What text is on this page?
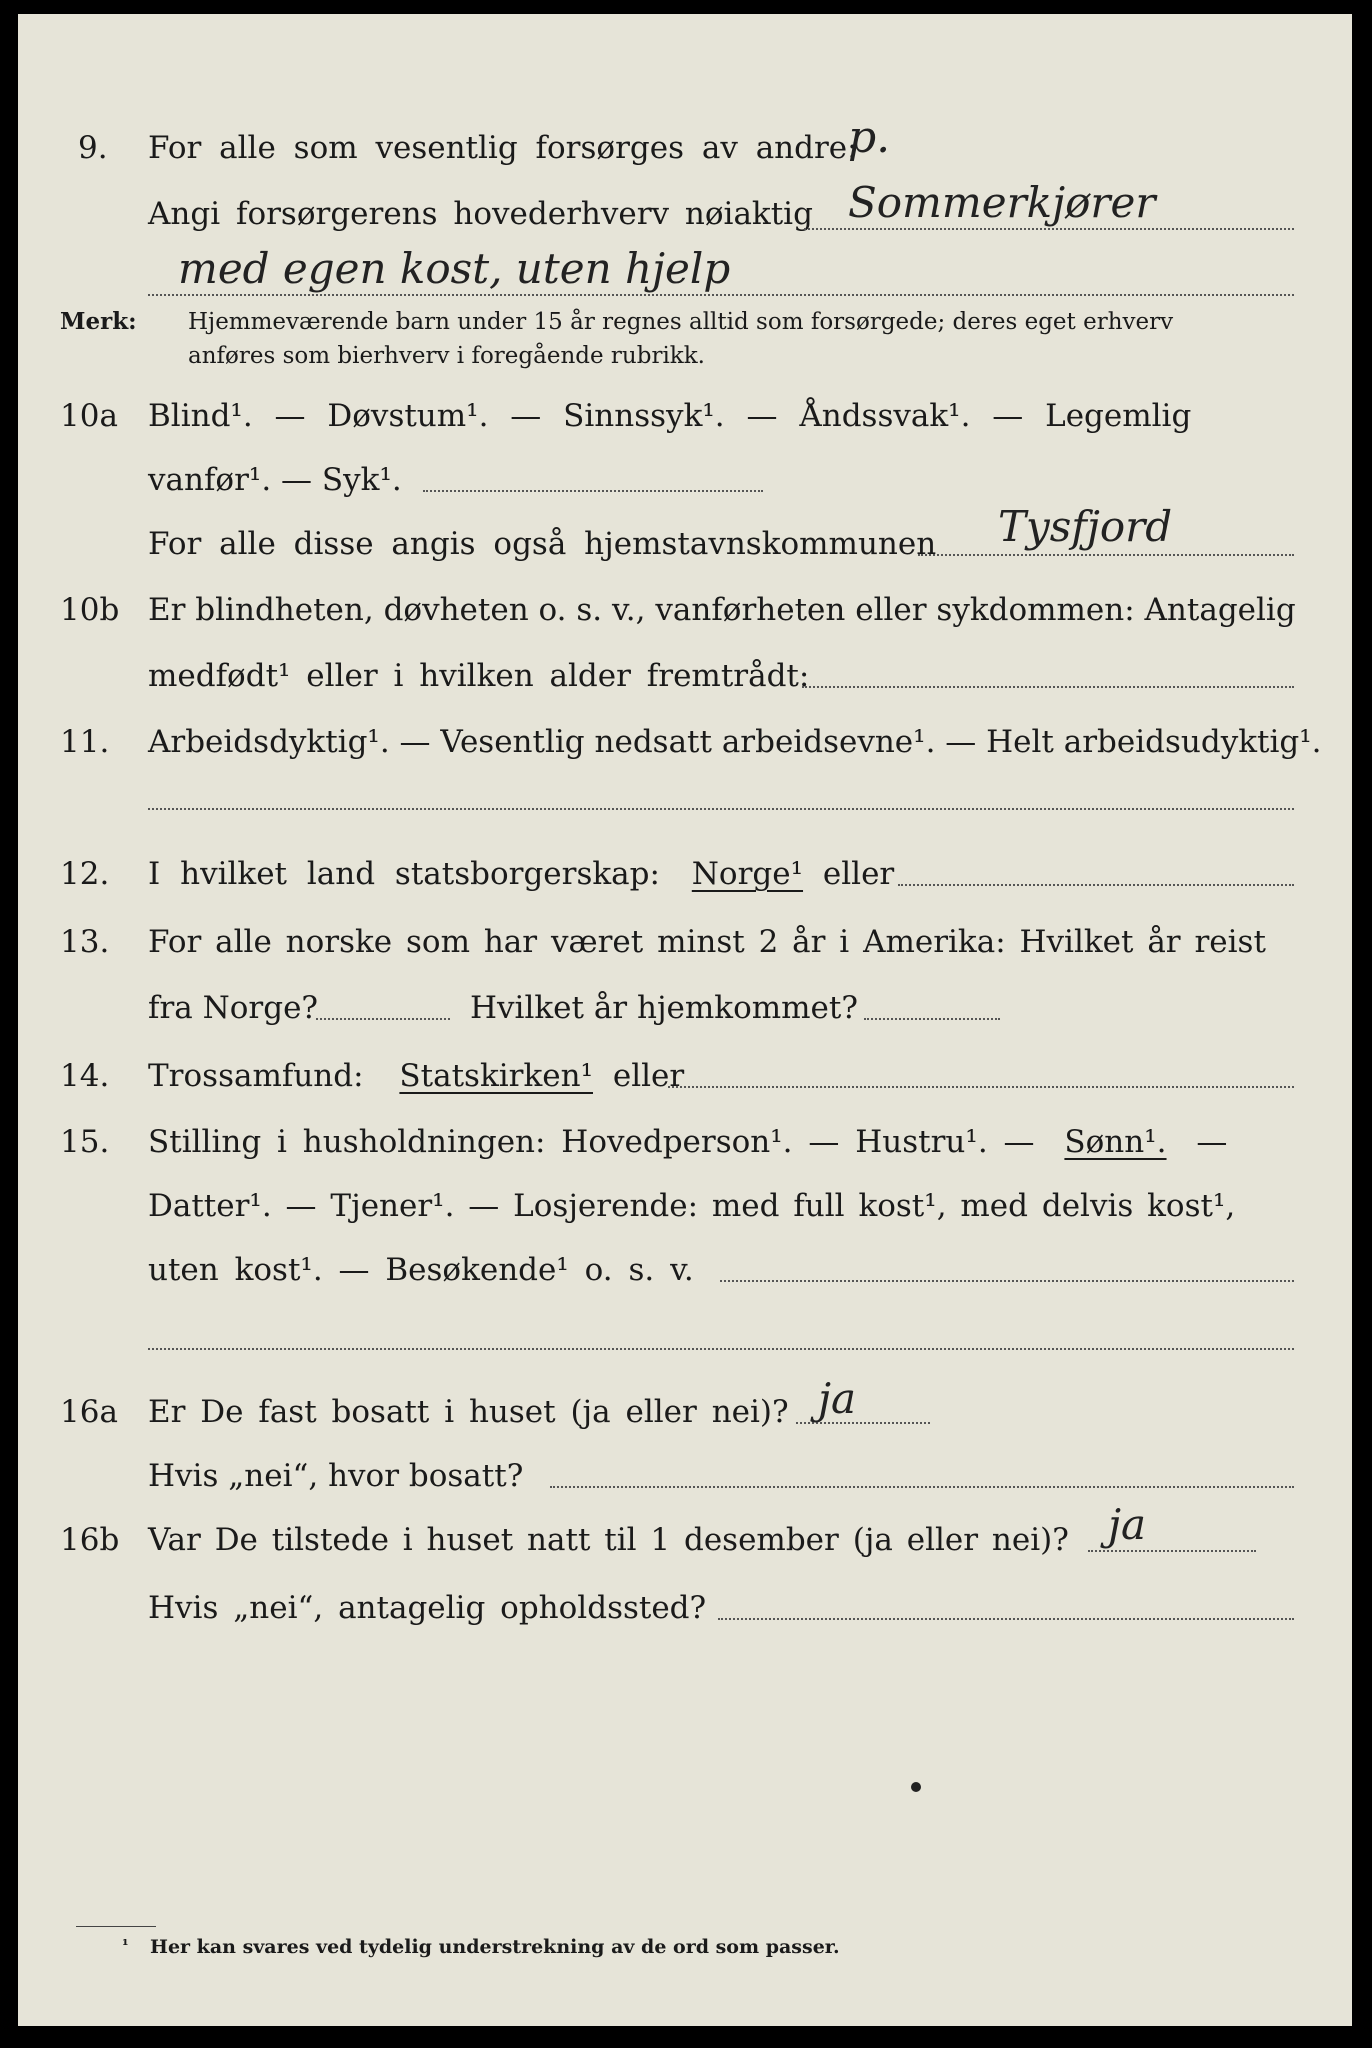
9. For alle som vesentlig forsørges av andre:
p.
Angi forsørgerens hovederhverv nøiaktig Sommerkjører
med egen kost, uten hjelp
Merk: Hjemmeværende barn under 15 år regnes alltid som forsørgede; deres eget erhverv
anføres som bierhverv i foregående rubrikk.
10a Blind¹. — Døvstum¹. — Sinnssyk¹. — Åndssvak¹. — Legemlig
vanfør¹. — Syk¹.
For alle disse angis også hjemstavnskommunen Tysfjord
10b Er blindheten, døvheten o. s. v., vanførheten eller sykdommen: Antagelig
medfødt¹ eller i hvilken alder fremtrådt:
11. Arbeidsdyktig¹. — Vesentlig nedsatt arbeidsevne¹. — Helt arbeidsudyktig¹.
12. I hvilket land statsborgerskap: Norge¹ eller
13. For alle norske som har været minst 2 år i Amerika: Hvilket år reist
fra Norge?	Hvilket år hjemkommet?
14. Trossamfund: Statskirken¹ eller
15. Stilling i husholdningen: Hovedperson¹. — Hustru¹. — Sønn¹. —
Datter¹. — Tjener¹. — Losjerende: med full kost¹, med delvis kost¹,
uten kost¹. — Besøkende¹ o. s. v.
16a Er De fast bosatt i huset (ja eller nei)? ja
Hvis „nei“, hvor bosatt?
16b Var De tilstede i huset natt til 1 desember (ja eller nei)? ja
Hvis „nei“, antagelig opholdssted?
¹ Her kan svares ved tydelig understrekning av de ord som passer.
